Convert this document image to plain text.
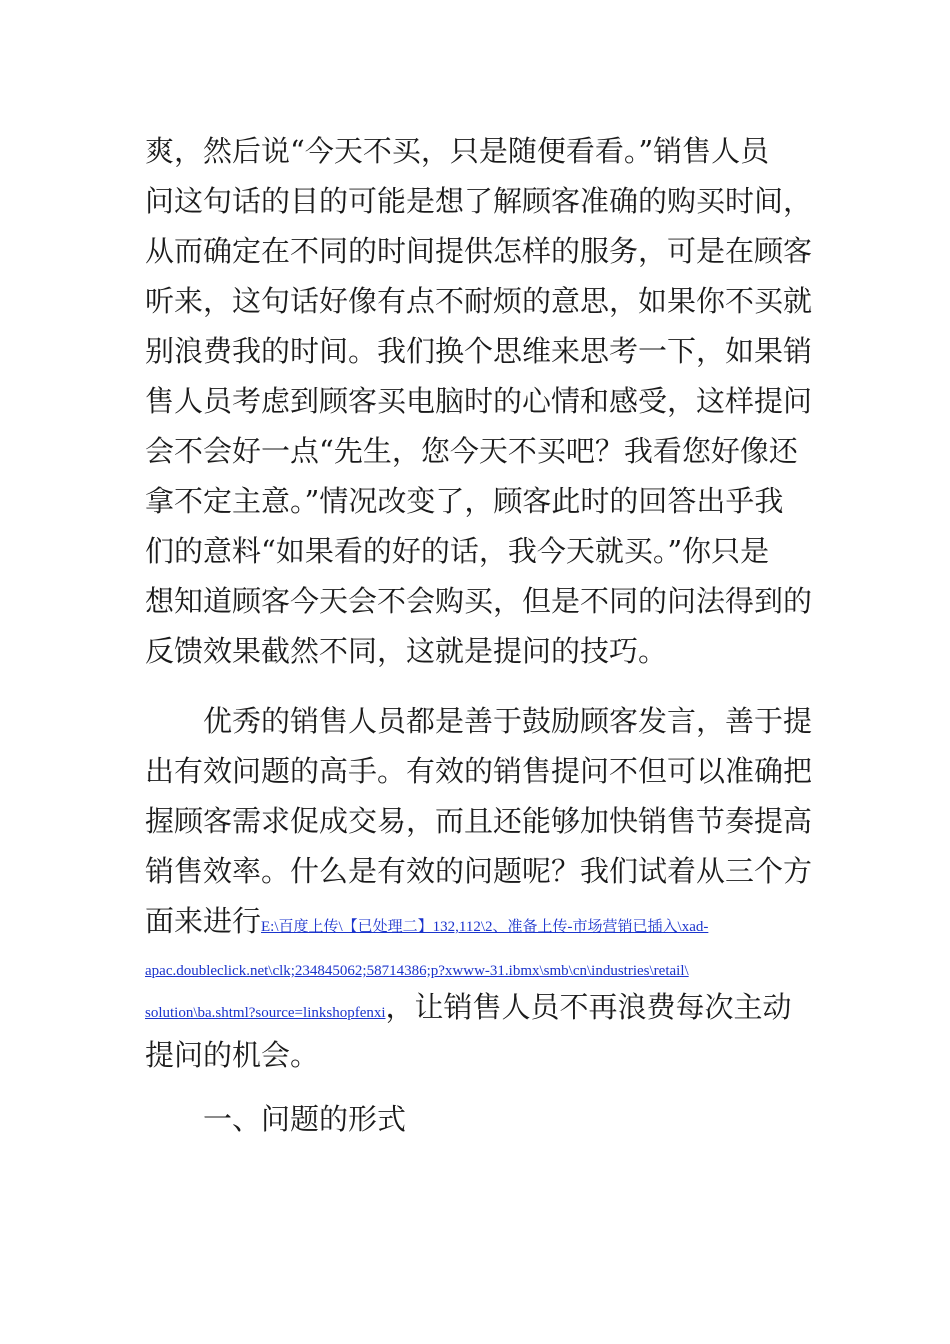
爽，然后说“今天不买，只是随便看看。”销售人员
问这句话的目的可能是想了解顾客准确的购买时间，
从而确定在不同的时间提供怎样的服务，可是在顾客
听来，这句话好像有点不耐烦的意思，如果你不买就
别浪费我的时间。我们换个思维来思考一下，如果销
售人员考虑到顾客买电脑时的心情和感受，这样提问
会不会好一点“先生，您今天不买吧？我看您好像还
拿不定主意。”情况改变了，顾客此时的回答出乎我
们的意料“如果看的好的话，我今天就买。”你只是
想知道顾客今天会不会购买，但是不同的问法得到的
反馈效果截然不同，这就是提问的技巧。
优秀的销售人员都是善于鼓励顾客发言，善于提
出有效问题的高手。有效的销售提问不但可以准确把
握顾客需求促成交易，而且还能够加快销售节奏提高
销售效率。什么是有效的问题呢？我们试着从三个方
面来进行E:\百度上传\【已处理二】132,112\2、准备上传-市场营销已插入\xad-
apac.doubleclick.net\clk;234845062;58714386;p?xwww-31.ibmx\smb\cn\industries\retail\
solution\ba.shtml?source=linkshopfenxi，让销售人员不再浪费每次主动
提问的机会。
一、问题的形式
